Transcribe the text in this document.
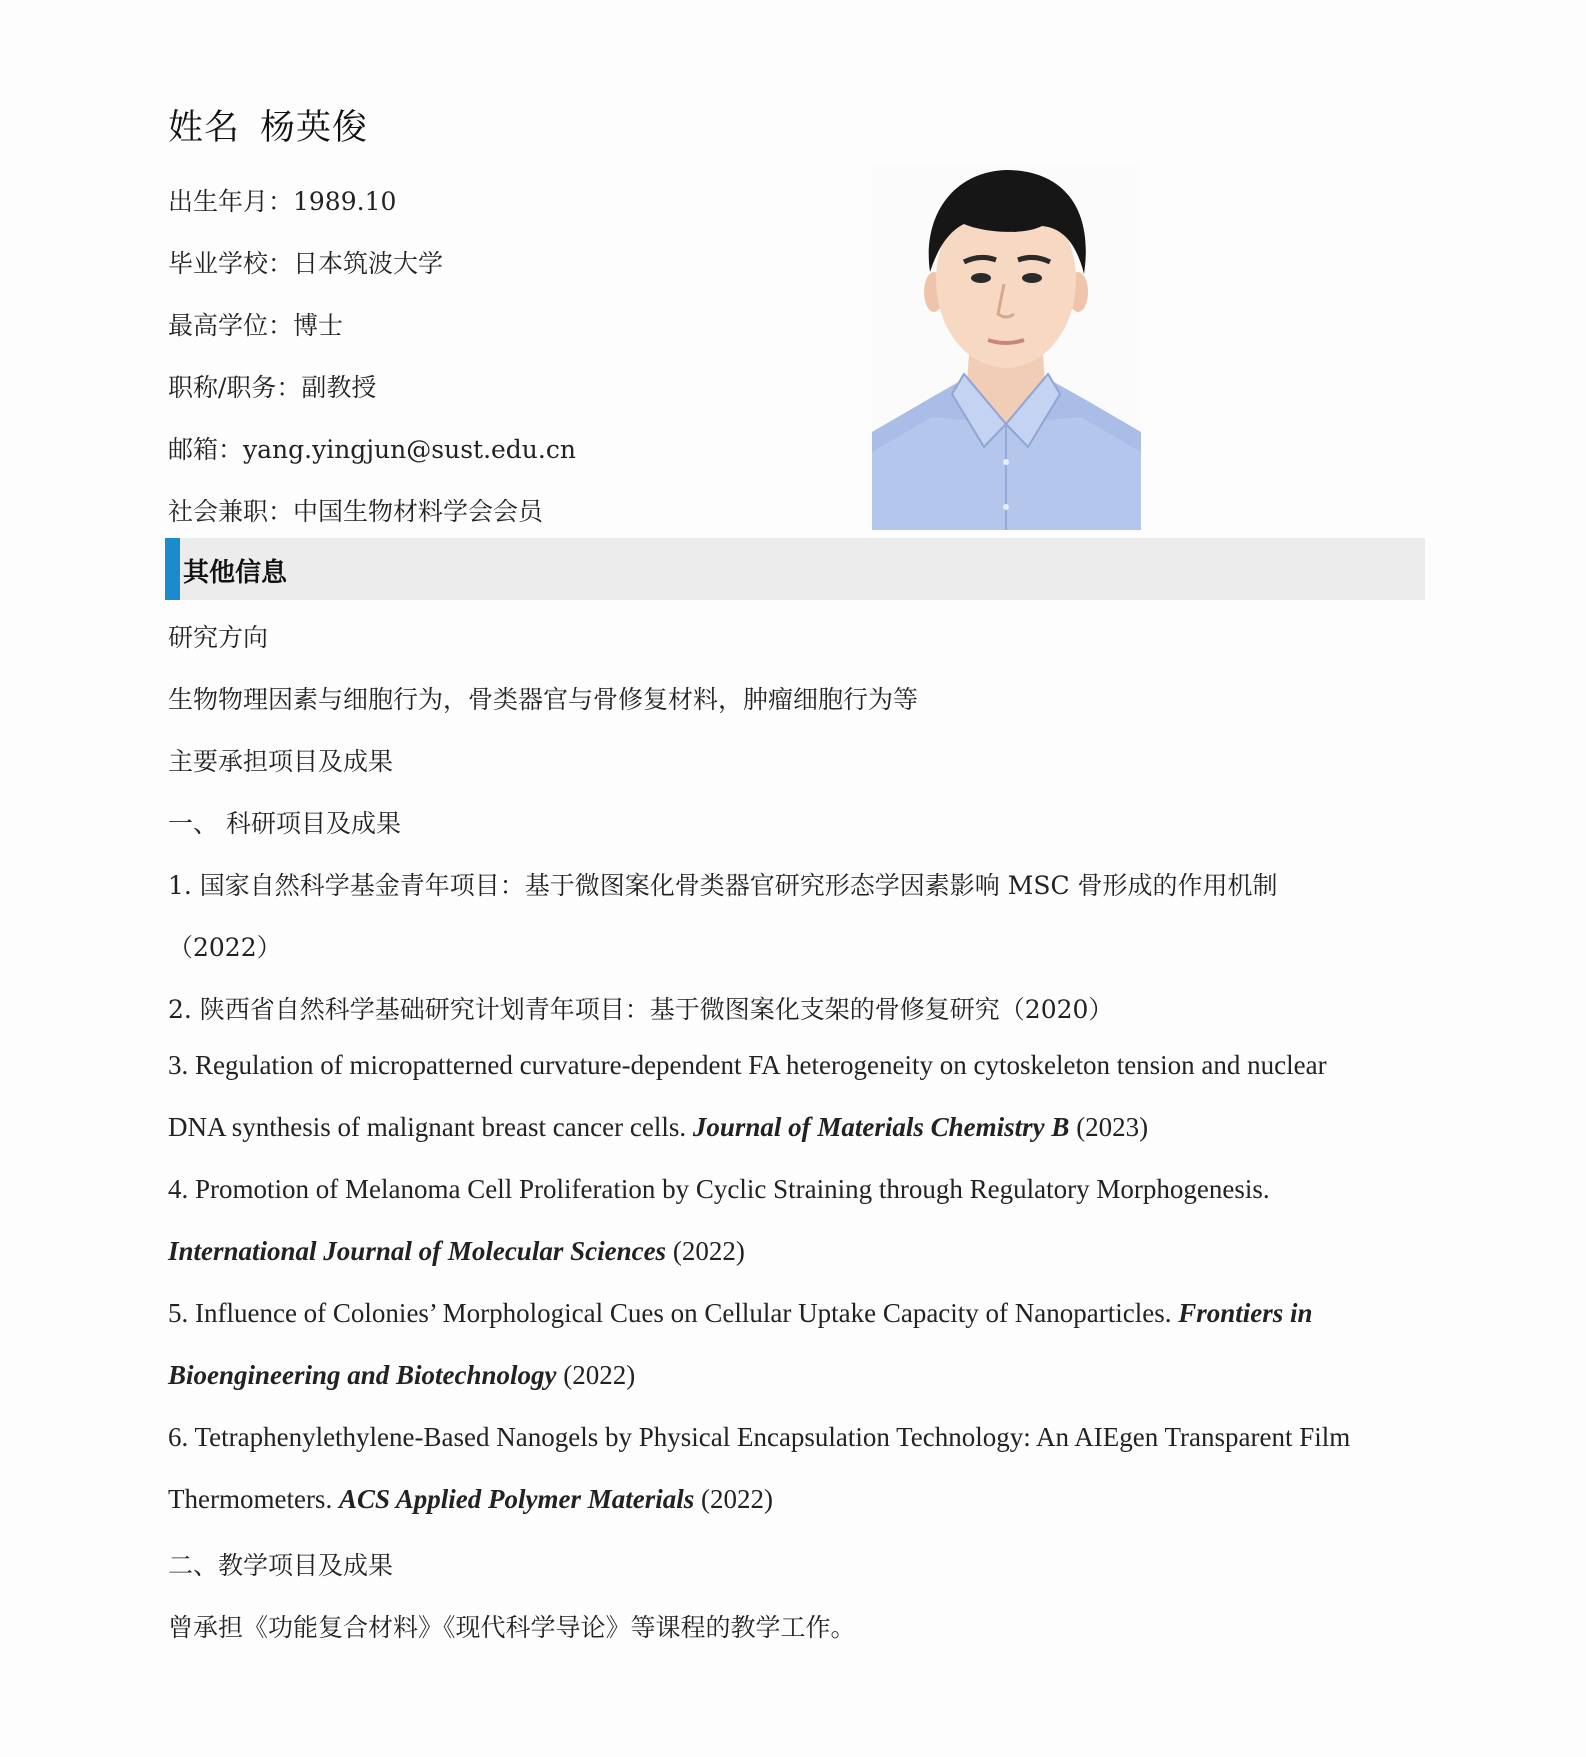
姓名 杨英俊
出生年月：1989.10
毕业学校：日本筑波大学
最高学位：博士
职称/职务：副教授
邮箱：yang.yingjun@sust.edu.cn
社会兼职：中国生物材料学会会员
其他信息
研究方向
生物物理因素与细胞行为，骨类器官与骨修复材料，肿瘤细胞行为等
主要承担项目及成果
一、 科研项目及成果
1. 国家自然科学基金青年项目：基于微图案化骨类器官研究形态学因素影响 MSC 骨形成的作用机制
（2022）
2. 陕西省自然科学基础研究计划青年项目：基于微图案化支架的骨修复研究（2020）
3. Regulation of micropatterned curvature-dependent FA heterogeneity on cytoskeleton tension and nuclear
DNA synthesis of malignant breast cancer cells. Journal of Materials Chemistry B (2023)
4. Promotion of Melanoma Cell Proliferation by Cyclic Straining through Regulatory Morphogenesis.
International Journal of Molecular Sciences (2022)
5. Influence of Colonies’ Morphological Cues on Cellular Uptake Capacity of Nanoparticles. Frontiers in
Bioengineering and Biotechnology (2022)
6. Tetraphenylethylene-Based Nanogels by Physical Encapsulation Technology: An AIEgen Transparent Film
Thermometers. ACS Applied Polymer Materials (2022)
二、教学项目及成果
曾承担《功能复合材料》《现代科学导论》等课程的教学工作。
